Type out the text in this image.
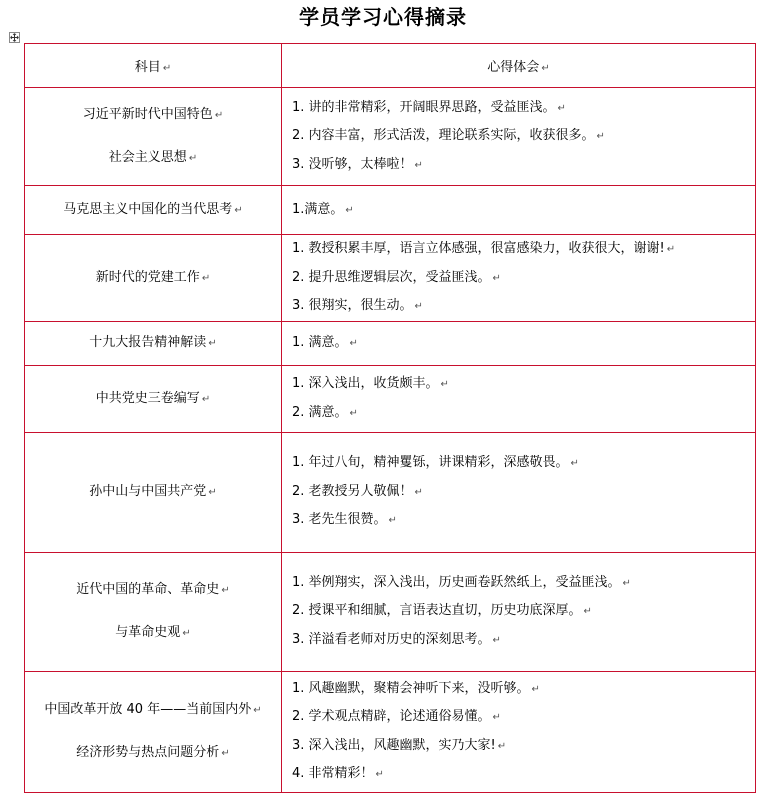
学员学习心得摘录
科目 ↵	心得体会 ↵

习近平新时代中国特色 ↵
社会主义思想 ↵	1. 讲的非常精彩，开阔眼界思路，受益匪浅。 ↵
2. 内容丰富，形式活泼，理论联系实际，收获很多。 ↵
3. 没听够，太棒啦！ ↵

马克思主义中国化的当代思考 ↵	1.满意。 ↵

新时代的党建工作 ↵	1. 教授积累丰厚，语言立体感强，很富感染力，收获很大，谢谢! ↵
2. 提升思维逻辑层次，受益匪浅。 ↵
3. 很翔实，很生动。 ↵

十九大报告精神解读 ↵	1. 满意。 ↵

中共党史三卷编写 ↵	1. 深入浅出，收货颇丰。 ↵
2. 满意。 ↵

孙中山与中国共产党 ↵	1. 年过八旬，精神矍铄，讲课精彩，深感敬畏。 ↵
2. 老教授另人敬佩！ ↵
3. 老先生很赞。 ↵

近代中国的革命、革命史 ↵
与革命史观 ↵	1. 举例翔实，深入浅出，历史画卷跃然纸上，受益匪浅。 ↵
2. 授课平和细腻，言语表达直切，历史功底深厚。 ↵
3. 洋溢看老师对历史的深刻思考。 ↵

中国改革开放 40 年——当前国内外 ↵
经济形势与热点问题分析 ↵	1. 风趣幽默，聚精会神听下来，没听够。 ↵
2. 学术观点精辟，论述通俗易懂。 ↵
3. 深入浅出，风趣幽默，实乃大家! ↵
4. 非常精彩！ ↵
